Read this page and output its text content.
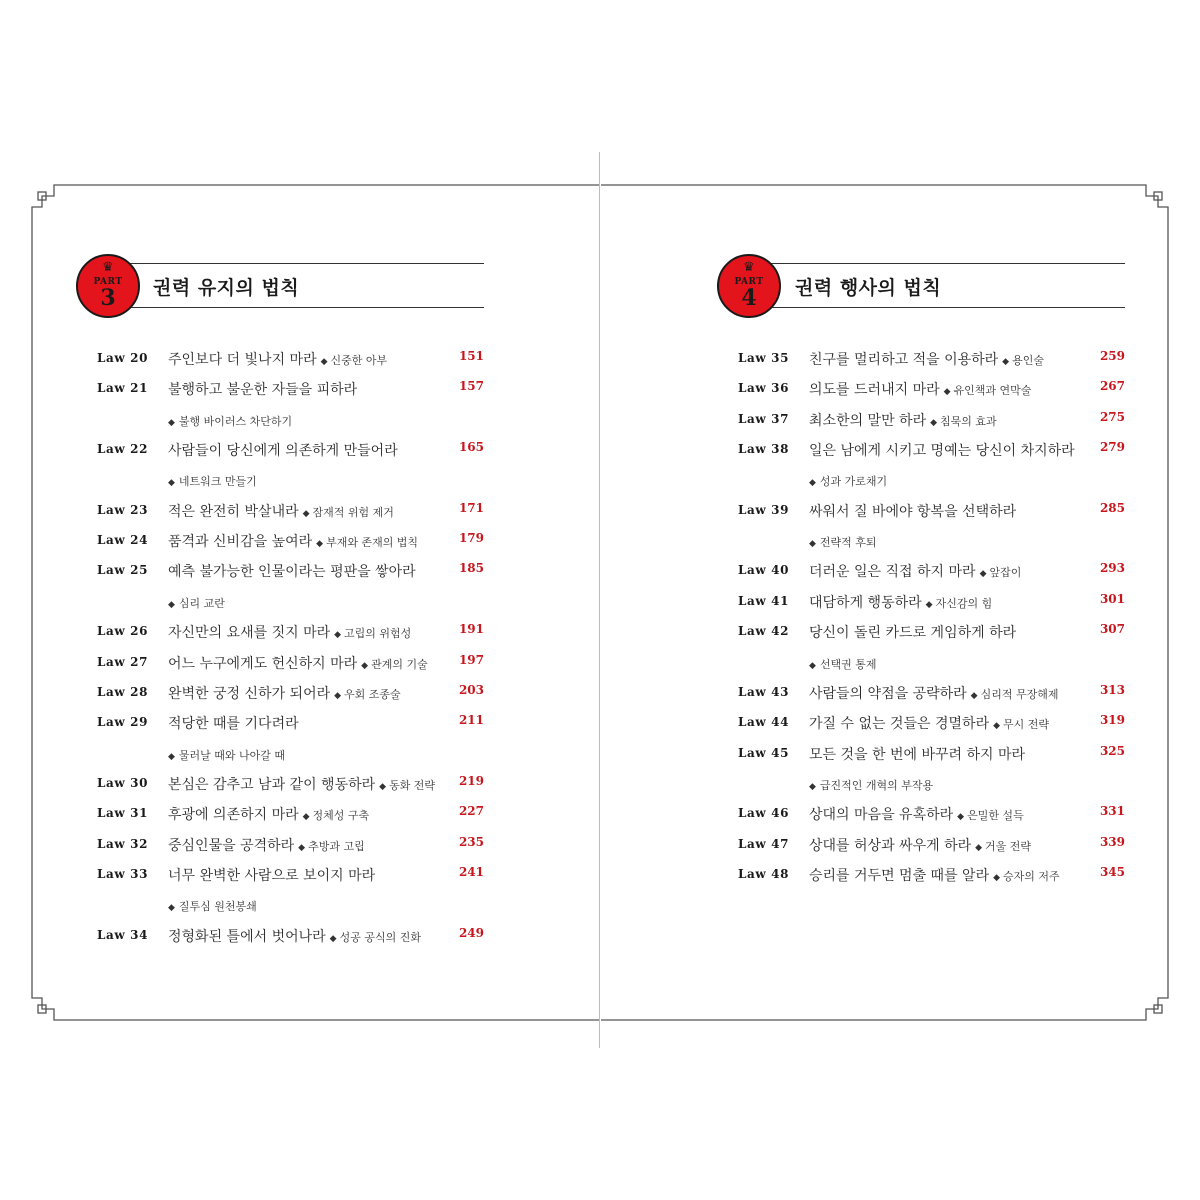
♛
PART
3	권력 유지의 법칙
Law 20 주인보다 더 빛나지 마라 ◆ 신중한 아부	151
Law 21 불행하고 불운한 자들을 피하라	157
◆ 불행 바이러스 차단하기
Law 22 사람들이 당신에게 의존하게 만들어라	165
◆ 네트워크 만들기
Law 23 적은 완전히 박살내라 ◆ 잠재적 위험 제거	171
Law 24 품격과 신비감을 높여라 ◆ 부재와 존재의 법칙	179
Law 25 예측 불가능한 인물이라는 평판을 쌓아라	185
◆ 심리 교란
Law 26 자신만의 요새를 짓지 마라 ◆ 고립의 위험성	191
Law 27 어느 누구에게도 헌신하지 마라 ◆ 관계의 기술	197
Law 28 완벽한 궁정 신하가 되어라 ◆ 우회 조종술	203
Law 29 적당한 때를 기다려라	211
◆ 물러날 때와 나아갈 때
Law 30 본심은 감추고 남과 같이 행동하라 ◆ 동화 전략 219
Law 31 후광에 의존하지 마라 ◆ 정체성 구축	227
Law 32 중심인물을 공격하라 ◆ 추방과 고립	235
Law 33 너무 완벽한 사람으로 보이지 마라	241
◆ 질투심 원천봉쇄
Law 34 정형화된 틀에서 벗어나라 ◆ 성공 공식의 진화	249
♛
PART
4	권력 행사의 법칙
Law 35 친구를 멀리하고 적을 이용하라 ◆ 용인술	259
Law 36 의도를 드러내지 마라 ◆ 유인책과 연막술	267
Law 37 최소한의 말만 하라 ◆ 침묵의 효과	275
Law 38 일은 남에게 시키고 명예는 당신이 차지하라 279
◆ 성과 가로채기
Law 39 싸워서 질 바에야 항복을 선택하라	285
◆ 전략적 후퇴
Law 40 더러운 일은 직접 하지 마라 ◆ 앞잡이	293
Law 41 대담하게 행동하라 ◆ 자신감의 힘	301
Law 42 당신이 돌린 카드로 게임하게 하라	307
◆ 선택권 통제
Law 43 사람들의 약점을 공략하라 ◆ 심리적 무장해제	313
Law 44 가질 수 없는 것들은 경멸하라 ◆ 무시 전략	319
Law 45 모든 것을 한 번에 바꾸려 하지 마라	325
◆ 급진적인 개혁의 부작용
Law 46 상대의 마음을 유혹하라 ◆ 은밀한 설득	331
Law 47 상대를 허상과 싸우게 하라 ◆ 거울 전략	339
Law 48 승리를 거두면 멈출 때를 알라 ◆ 승자의 저주	345
